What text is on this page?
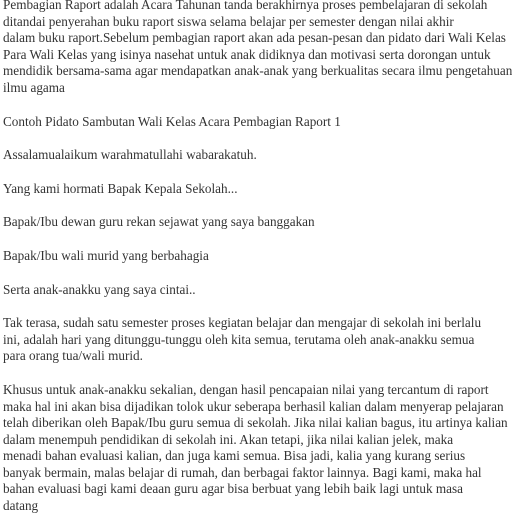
Pembagian Raport adalah Acara Tahunan tanda berakhirnya proses pembelajaran di sekolah
ditandai penyerahan buku raport siswa selama belajar per semester dengan nilai akhir
dalam buku raport.Sebelum pembagian raport akan ada pesan-pesan dan pidato dari Wali Kelas
Para Wali Kelas yang isinya nasehat untuk anak didiknya dan motivasi serta dorongan untuk
mendidik bersama-sama agar mendapatkan anak-anak yang berkualitas secara ilmu pengetahuan
ilmu agama
Contoh Pidato Sambutan Wali Kelas Acara Pembagian Raport 1
Assalamualaikum warahmatullahi wabarakatuh.
Yang kami hormati Bapak Kepala Sekolah...
Bapak/Ibu dewan guru rekan sejawat yang saya banggakan
Bapak/Ibu wali murid yang berbahagia
Serta anak-anakku yang saya cintai..
Tak terasa, sudah satu semester proses kegiatan belajar dan mengajar di sekolah ini berlalu
ini, adalah hari yang ditunggu-tunggu oleh kita semua, terutama oleh anak-anakku semua
para orang tua/wali murid.
Khusus untuk anak-anakku sekalian, dengan hasil pencapaian nilai yang tercantum di raport
maka hal ini akan bisa dijadikan tolok ukur seberapa berhasil kalian dalam menyerap pelajaran
telah diberikan oleh Bapak/Ibu guru semua di sekolah. Jika nilai kalian bagus, itu artinya kalian
dalam menempuh pendidikan di sekolah ini. Akan tetapi, jika nilai kalian jelek, maka
menadi bahan evaluasi kalian, dan juga kami semua. Bisa jadi, kalia yang kurang serius
banyak bermain, malas belajar di rumah, dan berbagai faktor lainnya. Bagi kami, maka hal
bahan evaluasi bagi kami deaan guru agar bisa berbuat yang lebih baik lagi untuk masa
datang
